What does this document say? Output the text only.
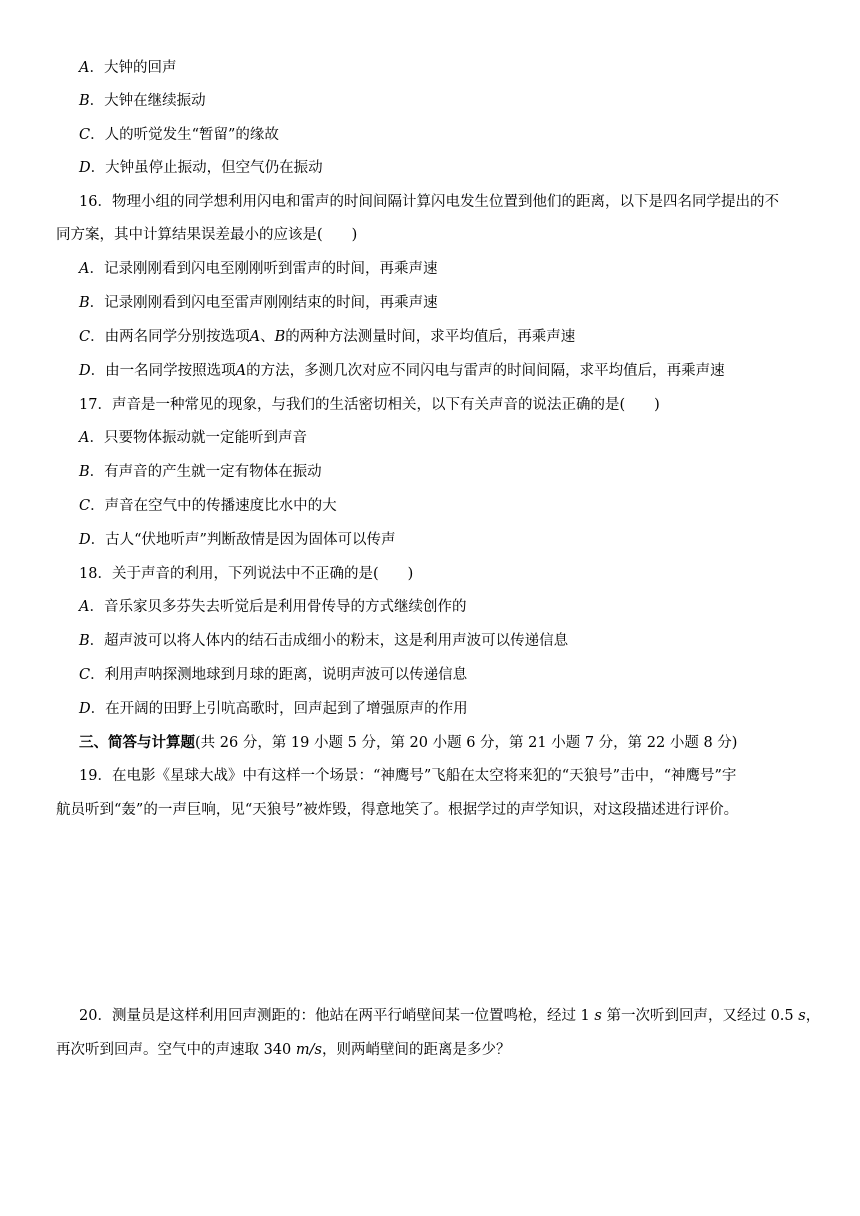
A．大钟的回声
B．大钟在继续振动
C．人的听觉发生“暂留”的缘故
D．大钟虽停止振动，但空气仍在振动
16．物理小组的同学想利用闪电和雷声的时间间隔计算闪电发生位置到他们的距离，以下是四名同学提出的不
同方案，其中计算结果误差最小的应该是(　　)
A．记录刚刚看到闪电至刚刚听到雷声的时间，再乘声速
B．记录刚刚看到闪电至雷声刚刚结束的时间，再乘声速
C．由两名同学分别按选项A、B的两种方法测量时间，求平均值后，再乘声速
D．由一名同学按照选项A的方法，多测几次对应不同闪电与雷声的时间间隔，求平均值后，再乘声速
17．声音是一种常见的现象，与我们的生活密切相关，以下有关声音的说法正确的是(　　)
A．只要物体振动就一定能听到声音
B．有声音的产生就一定有物体在振动
C．声音在空气中的传播速度比水中的大
D．古人“伏地听声”判断敌情是因为固体可以传声
18．关于声音的利用，下列说法中不正确的是(　　)
A．音乐家贝多芬失去听觉后是利用骨传导的方式继续创作的
B．超声波可以将人体内的结石击成细小的粉末，这是利用声波可以传递信息
C．利用声呐探测地球到月球的距离，说明声波可以传递信息
D．在开阔的田野上引吭高歌时，回声起到了增强原声的作用
三、简答与计算题(共 26 分，第 19 小题 5 分，第 20 小题 6 分，第 21 小题 7 分，第 22 小题 8 分)
19．在电影《星球大战》中有这样一个场景：“神鹰号”飞船在太空将来犯的“天狼号”击中，“神鹰号”宇
航员听到“轰”的一声巨响，见“天狼号”被炸毁，得意地笑了。根据学过的声学知识，对这段描述进行评价。
20．测量员是这样利用回声测距的：他站在两平行峭壁间某一位置鸣枪，经过 1 s 第一次听到回声，又经过 0.5 s，
再次听到回声。空气中的声速取 340 m/s，则两峭壁间的距离是多少？
